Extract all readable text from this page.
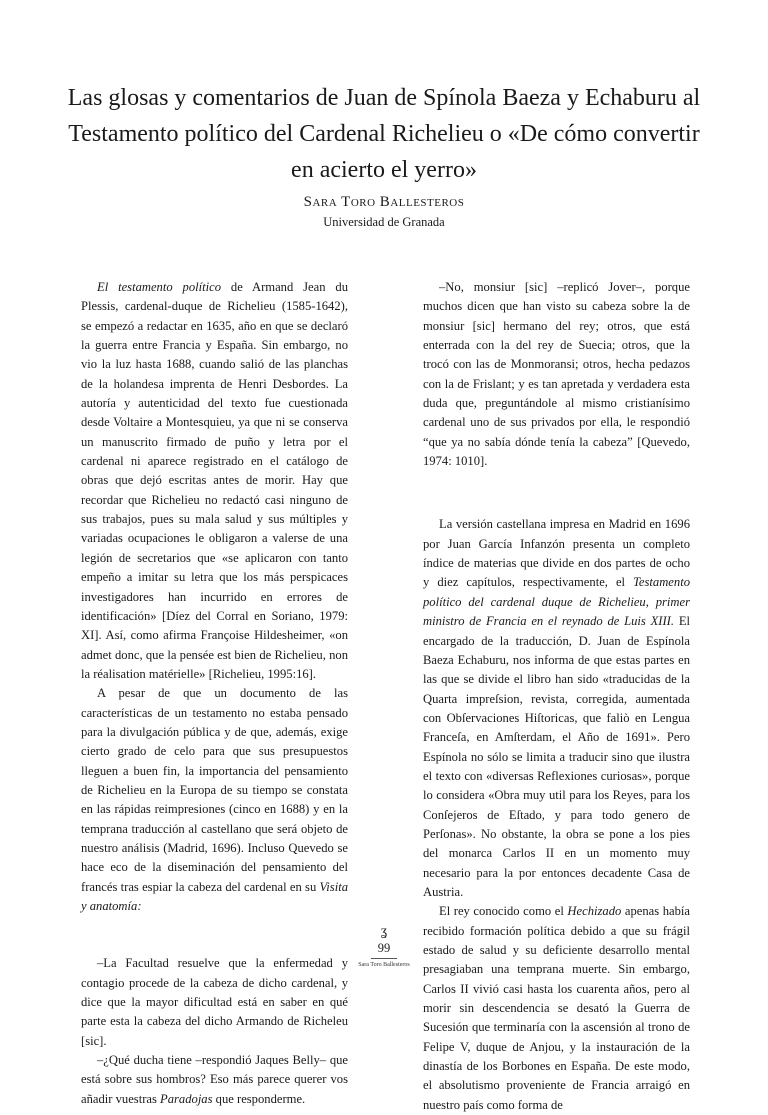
Las glosas y comentarios de Juan de Spínola Baeza y Echaburu al Testamento político del Cardenal Richelieu o «De cómo convertir en acierto el yerro»
Sara Toro Ballesteros
Universidad de Granada

El testamento político de Armand Jean du Plessis, cardenal-duque de Richelieu (1585-1642), se empezó a redactar en 1635, año en que se declaró la guerra entre Francia y España. Sin embargo, no vio la luz hasta 1688, cuando salió de las planchas de la holandesa imprenta de Henri Desbordes. La autoría y autenticidad del texto fue cuestionada desde Voltaire a Montesquieu, ya que ni se conserva un manuscrito firmado de puño y letra por el cardenal ni aparece registrado en el catálogo de obras que dejó escritas antes de morir. Hay que recordar que Richelieu no redactó casi ninguno de sus trabajos, pues su mala salud y sus múltiples y variadas ocupaciones le obligaron a valerse de una legión de secretarios que «se aplicaron con tanto empeño a imitar su letra que los más perspicaces investigadores han incurrido en errores de identificación» [Díez del Corral en Soriano, 1979: XI]. Así, como afirma Françoise Hildesheimer, «on admet donc, que la pensée est bien de Richelieu, non la réalisation matérielle» [Richelieu, 1995:16].

A pesar de que un documento de las características de un testamento no estaba pensado para la divulgación pública y de que, además, exige cierto grado de celo para que sus presupuestos lleguen a buen fin, la importancia del pensamiento de Richelieu en la Europa de su tiempo se constata en las rápidas reimpresiones (cinco en 1688) y en la temprana traducción al castellano que será objeto de nuestro análisis (Madrid, 1696). Incluso Quevedo se hace eco de la diseminación del pensamiento del francés tras espiar la cabeza del cardenal en su Visita y anatomía:

–La Facultad resuelve que la enfermedad y contagio procede de la cabeza de dicho cardenal, y dice que la mayor dificultad está en saber en qué parte esta la cabeza del dicho Armando de Richeleu [sic].

–¿Qué ducha tiene –respondió Jaques Belly– que está sobre sus hombros? Eso más parece querer vos añadir vuestras Paradojas que responderme.

–No, monsiur [sic] –replicó Jover–, porque muchos dicen que han visto su cabeza sobre la de monsiur [sic] hermano del rey; otros, que está enterrada con la del rey de Suecia; otros, que la trocó con las de Monmoransi; otros, hecha pedazos con la de Frislant; y es tan apretada y verdadera esta duda que, preguntándole al mismo cristianísimo cardenal uno de sus privados por ella, le respondió “que ya no sabía dónde tenía la cabeza” [Quevedo, 1974: 1010].

La versión castellana impresa en Madrid en 1696 por Juan García Infanzón presenta un completo índice de materias que divide en dos partes de ocho y diez capítulos, respectivamente, el Testamento político del cardenal duque de Richelieu, primer ministro de Francia en el reynado de Luis XIII. El encargado de la traducción, D. Juan de Espínola Baeza Echaburu, nos informa de que estas partes en las que se divide el libro han sido «traducidas de la Quarta impreſsion, revista, corregida, aumentada con Obſervaciones Hiſtoricas, que faliò en Lengua Franceſa, en Amſterdam, el Año de 1691». Pero Espínola no sólo se limita a traducir sino que ilustra el texto con «diversas Reflexiones curiosas», porque lo considera «Obra muy util para los Reyes, para los Conſejeros de Eſtado, y para todo genero de Perſonas». No obstante, la obra se pone a los pies del monarca Carlos II en un momento muy necesario para la por entonces decadente Casa de Austria.

El rey conocido como el Hechizado apenas había recibido formación política debido a que su frágil estado de salud y su deficiente desarrollo mental presagiaban una temprana muerte. Sin embargo, Carlos II vivió casi hasta los cuarenta años, pero al morir sin descendencia se desató la Guerra de Sucesión que terminaría con la ascensión al trono de Felipe V, duque de Anjou, y la instauración de la dinastía de los Borbones en España. De este modo, el absolutismo proveniente de Francia arraigó en nuestro país como forma de

ʓ
99
Sara Toro Ballesteros
